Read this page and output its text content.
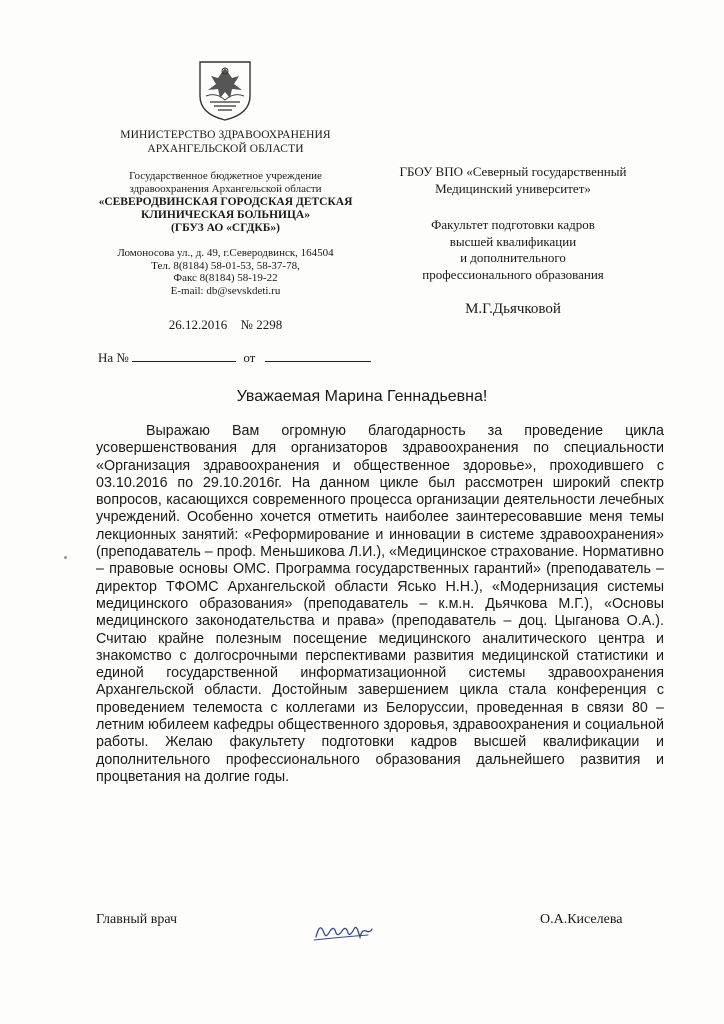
МИНИСТЕРСТВО ЗДРАВООХРАНЕНИЯ
АРХАНГЕЛЬСКОЙ ОБЛАСТИ
Государственное бюджетное учреждение
здравоохранения Архангельской области
«СЕВЕРОДВИНСКАЯ ГОРОДСКАЯ ДЕТСКАЯ
КЛИНИЧЕСКАЯ БОЛЬНИЦА»
(ГБУЗ АО «СГДКБ»)
Ломоносова ул., д. 49, г.Северодвинск, 164504
Тел. 8(8184) 58-01-53, 58-37-78,
Факс 8(8184) 58-19-22
E-mail: db@sevskdeti.ru
26.12.2016 № 2298
На №	от
ГБОУ ВПО «Северный государственный
Медицинский университет»
Факультет подготовки кадров
высшей квалификации
и дополнительного
профессионального образования
М.Г.Дьячковой
Уважаемая Марина Геннадьевна!
Выражаю Вам огромную благодарность за проведение цикла усовершенствования для организаторов здравоохранения по специальности «Организация здравоохранения и общественное здоровье», проходившего с 03.10.2016 по 29.10.2016г. На данном цикле был рассмотрен широкий спектр вопросов, касающихся современного процесса организации деятельности лечебных учреждений. Особенно хочется отметить наиболее заинтересовавшие меня темы лекционных занятий: «Реформирование и инновации в системе здравоохранения» (преподаватель – проф. Меньшикова Л.И.), «Медицинское страхование. Нормативно – правовые основы ОМС. Программа государственных гарантий» (преподаватель – директор ТФОМС Архангельской области Яськo Н.Н.), «Модернизация системы медицинского образования» (преподаватель – к.м.н. Дьячкова М.Г.), «Основы медицинского законодательства и права» (преподаватель – доц. Цыганова О.А.). Считаю крайне полезным посещение медицинского аналитического центра и знакомство с долгосрочными перспективами развития медицинской статистики и единой государственной информатизационной системы здравоохранения Архангельской области. Достойным завершением цикла стала конференция с проведением телемоста с коллегами из Белоруссии, проведенная в связи 80 –летним юбилеем кафедры общественного здоровья, здравоохранения и социальной работы. Желаю факультету подготовки кадров высшей квалификации и дополнительного профессионального образования дальнейшего развития и процветания на долгие годы.
Главный врач	О.А.Киселева
